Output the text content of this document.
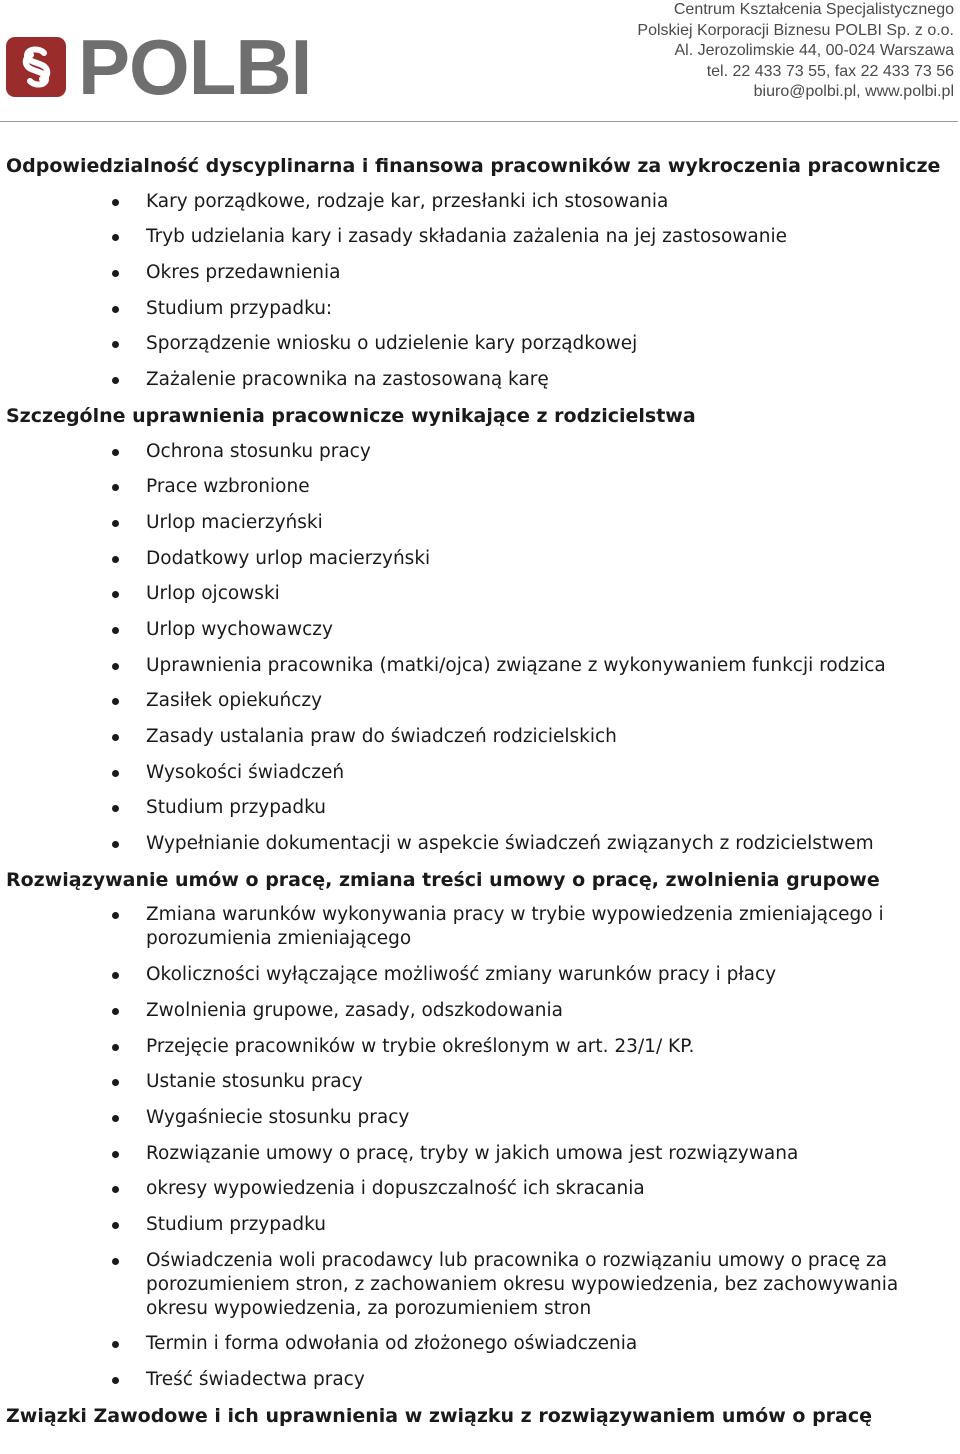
POLBI
Centrum Kształcenia Specjalistycznego
Polskiej Korporacji Biznesu POLBI Sp. z o.o.
Al. Jerozolimskie 44, 00-024 Warszawa
tel. 22 433 73 55, fax 22 433 73 56
biuro@polbi.pl, www.polbi.pl
Odpowiedzialność dyscyplinarna i finansowa pracowników za wykroczenia pracownicze
Kary porządkowe, rodzaje kar, przesłanki ich stosowania
Tryb udzielania kary i zasady składania zażalenia na jej zastosowanie
Okres przedawnienia
Studium przypadku:
Sporządzenie wniosku o udzielenie kary porządkowej
Zażalenie pracownika na zastosowaną karę
Szczególne uprawnienia pracownicze wynikające z rodzicielstwa
Ochrona stosunku pracy
Prace wzbronione
Urlop macierzyński
Dodatkowy urlop macierzyński
Urlop ojcowski
Urlop wychowawczy
Uprawnienia pracownika (matki/ojca) związane z wykonywaniem funkcji rodzica
Zasiłek opiekuńczy
Zasady ustalania praw do świadczeń rodzicielskich
Wysokości świadczeń
Studium przypadku
Wypełnianie dokumentacji w aspekcie świadczeń związanych z rodzicielstwem
Rozwiązywanie umów o pracę, zmiana treści umowy o pracę, zwolnienia grupowe
Zmiana warunków wykonywania pracy w trybie wypowiedzenia zmieniającego i porozumienia zmieniającego
Okoliczności wyłączające możliwość zmiany warunków pracy i płacy
Zwolnienia grupowe, zasady, odszkodowania
Przejęcie pracowników w trybie określonym w art. 23/1/ KP.
Ustanie stosunku pracy
Wygaśniecie stosunku pracy
Rozwiązanie umowy o pracę, tryby w jakich umowa jest rozwiązywana
okresy wypowiedzenia i dopuszczalność ich skracania
Studium przypadku
Oświadczenia woli pracodawcy lub pracownika o rozwiązaniu umowy o pracę za porozumieniem stron, z zachowaniem okresu wypowiedzenia, bez zachowywania okresu wypowiedzenia, za porozumieniem stron
Termin i forma odwołania od złożonego oświadczenia
Treść świadectwa pracy
Związki Zawodowe i ich uprawnienia w związku z rozwiązywaniem umów o pracę
